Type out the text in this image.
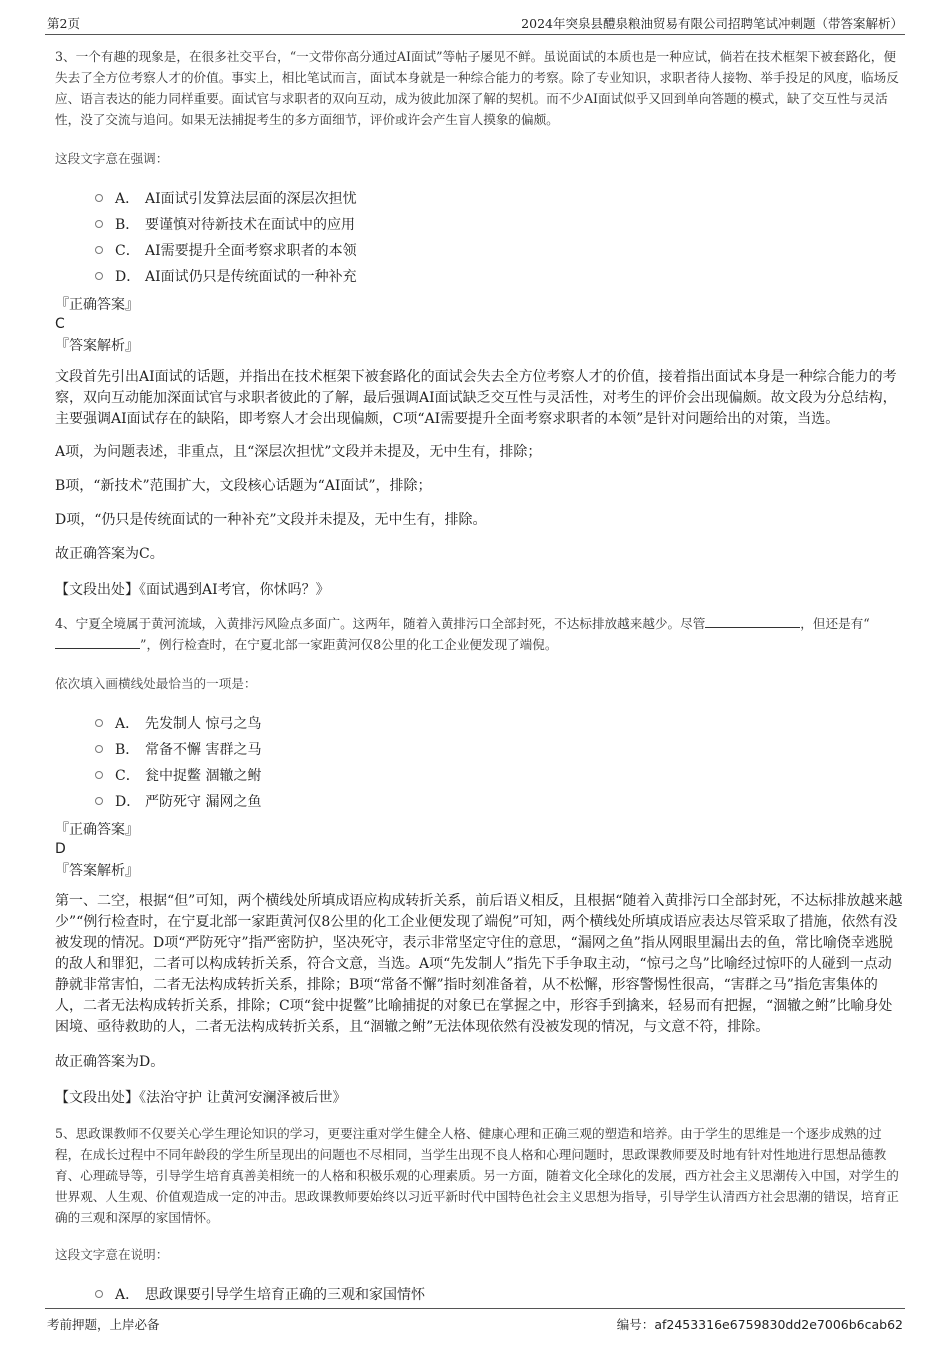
第2页	2024年突泉县醴泉粮油贸易有限公司招聘笔试冲刺题（带答案解析）

3、一个有趣的现象是，在很多社交平台，“一文带你高分通过AI面试”等帖子屡见不鲜。虽说面试的本质也是一种应试，倘若在技术框架下被套路化，便失去了全方位考察人才的价值。事实上，相比笔试而言，面试本身就是一种综合能力的考察。除了专业知识，求职者待人接物、举手投足的风度，临场反应、语言表达的能力同样重要。面试官与求职者的双向互动，成为彼此加深了解的契机。而不少AI面试似乎又回到单向答题的模式，缺了交互性与灵活性，没了交流与追问。如果无法捕捉考生的多方面细节，评价或许会产生盲人摸象的偏颇。

这段文字意在强调：

A． AI面试引发算法层面的深层次担忧
B． 要谨慎对待新技术在面试中的应用
C． AI需要提升全面考察求职者的本领
D． AI面试仍只是传统面试的一种补充

『正确答案』

C

『答案解析』

文段首先引出AI面试的话题，并指出在技术框架下被套路化的面试会失去全方位考察人才的价值，接着指出面试本身是一种综合能力的考察，双向互动能加深面试官与求职者彼此的了解，最后强调AI面试缺乏交互性与灵活性，对考生的评价会出现偏颇。故文段为分总结构，主要强调AI面试存在的缺陷，即考察人才会出现偏颇，C项“AI需要提升全面考察求职者的本领”是针对问题给出的对策，当选。

A项，为问题表述，非重点，且“深层次担忧”文段并未提及，无中生有，排除；

B项，“新技术”范围扩大，文段核心话题为“AI面试”，排除；

D项，“仍只是传统面试的一种补充”文段并未提及，无中生有，排除。

故正确答案为C。

【文段出处】《面试遇到AI考官，你怵吗？》

4、宁夏全境属于黄河流域，入黄排污风险点多面广。这两年，随着入黄排污口全部封死，不达标排放越来越少。尽管	，但还是有“”，例行检查时，在宁夏北部一家距黄河仅8公里的化工企业便发现了端倪。

依次填入画横线处最恰当的一项是：

A． 先发制人 惊弓之鸟
B． 常备不懈 害群之马
C． 瓮中捉鳖 涸辙之鲋
D． 严防死守 漏网之鱼

『正确答案』

D

『答案解析』

第一、二空，根据“但”可知，两个横线处所填成语应构成转折关系，前后语义相反，且根据“随着入黄排污口全部封死，不达标排放越来越少”“例行检查时，在宁夏北部一家距黄河仅8公里的化工企业便发现了端倪”可知，两个横线处所填成语应表达尽管采取了措施，依然有没被发现的情况。D项“严防死守”指严密防护，坚决死守，表示非常坚定守住的意思，“漏网之鱼”指从网眼里漏出去的鱼，常比喻侥幸逃脱的敌人和罪犯，二者可以构成转折关系，符合文意，当选。A项“先发制人”指先下手争取主动，“惊弓之鸟”比喻经过惊吓的人碰到一点动静就非常害怕，二者无法构成转折关系，排除；B项“常备不懈”指时刻准备着，从不松懈，形容警惕性很高，“害群之马”指危害集体的人，二者无法构成转折关系，排除；C项“瓮中捉鳖”比喻捕捉的对象已在掌握之中，形容手到擒来，轻易而有把握，“涸辙之鲋”比喻身处困境、亟待救助的人，二者无法构成转折关系，且“涸辙之鲋”无法体现依然有没被发现的情况，与文意不符，排除。

故正确答案为D。

【文段出处】《法治守护 让黄河安澜泽被后世》

5、思政课教师不仅要关心学生理论知识的学习，更要注重对学生健全人格、健康心理和正确三观的塑造和培养。由于学生的思维是一个逐步成熟的过程，在成长过程中不同年龄段的学生所呈现出的问题也不尽相同，当学生出现不良人格和心理问题时，思政课教师要及时地有针对性地进行思想品德教育、心理疏导等，引导学生培育真善美相统一的人格和积极乐观的心理素质。另一方面，随着文化全球化的发展，西方社会主义思潮传入中国，对学生的世界观、人生观、价值观造成一定的冲击。思政课教师要始终以习近平新时代中国特色社会主义思想为指导，引导学生认清西方社会思潮的错误，培育正确的三观和深厚的家国情怀。

这段文字意在说明：

A． 思政课要引导学生培育正确的三观和家国情怀
考前押题，上岸必备	编号：af2453316e6759830dd2e7006b6cab62
